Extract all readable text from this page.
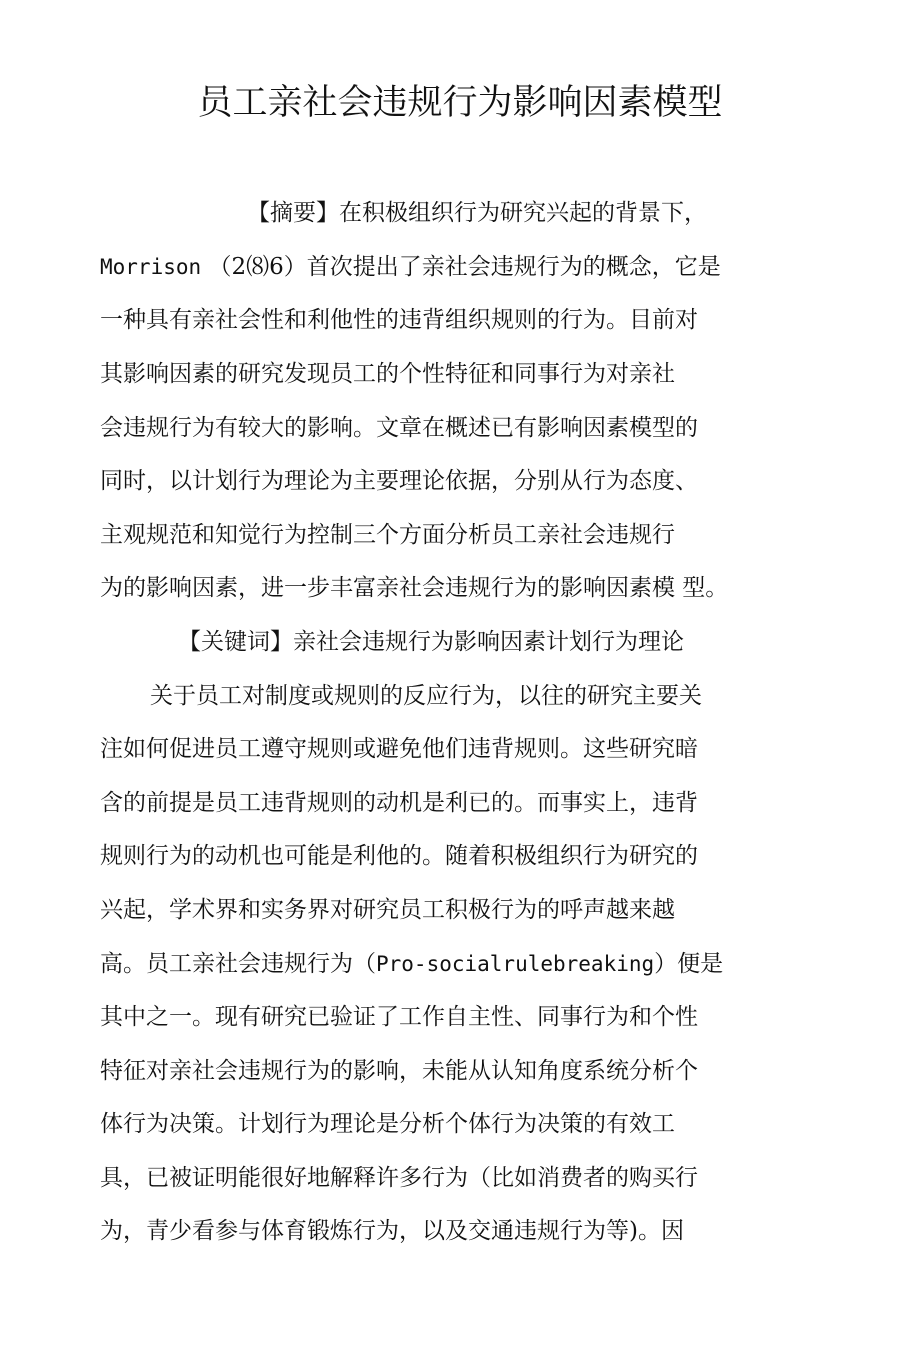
员工亲社会违规行为影响因素模型
【摘要】在积极组织行为研究兴起的背景下，
Morrison （2⑻6）首次提出了亲社会违规行为的概念，它是
一种具有亲社会性和利他性的违背组织规则的行为。目前对
其影响因素的研究发现员工的个性特征和同事行为对亲社
会违规行为有较大的影响。文章在概述已有影响因素模型的
同时，以计划行为理论为主要理论依据，分别从行为态度、
主观规范和知觉行为控制三个方面分析员工亲社会违规行
为的影响因素，进一步丰富亲社会违规行为的影响因素模 型。
【关键词】亲社会违规行为影响因素计划行为理论
关于员工对制度或规则的反应行为，以往的研究主要关
注如何促进员工遵守规则或避免他们违背规则。这些研究暗
含的前提是员工违背规则的动机是利已的。而事实上，违背
规则行为的动机也可能是利他的。随着积极组织行为研究的
兴起，学术界和实务界对研究员工积极行为的呼声越来越
高。员工亲社会违规行为（Pro-socialrulebreaking）便是
其中之一。现有研究已验证了工作自主性、同事行为和个性
特征对亲社会违规行为的影响，未能从认知角度系统分析个
体行为决策。计划行为理论是分析个体行为决策的有效工
具，已被证明能很好地解释许多行为（比如消费者的购买行
为，青少看参与体育锻炼行为，以及交通违规行为等)。因
